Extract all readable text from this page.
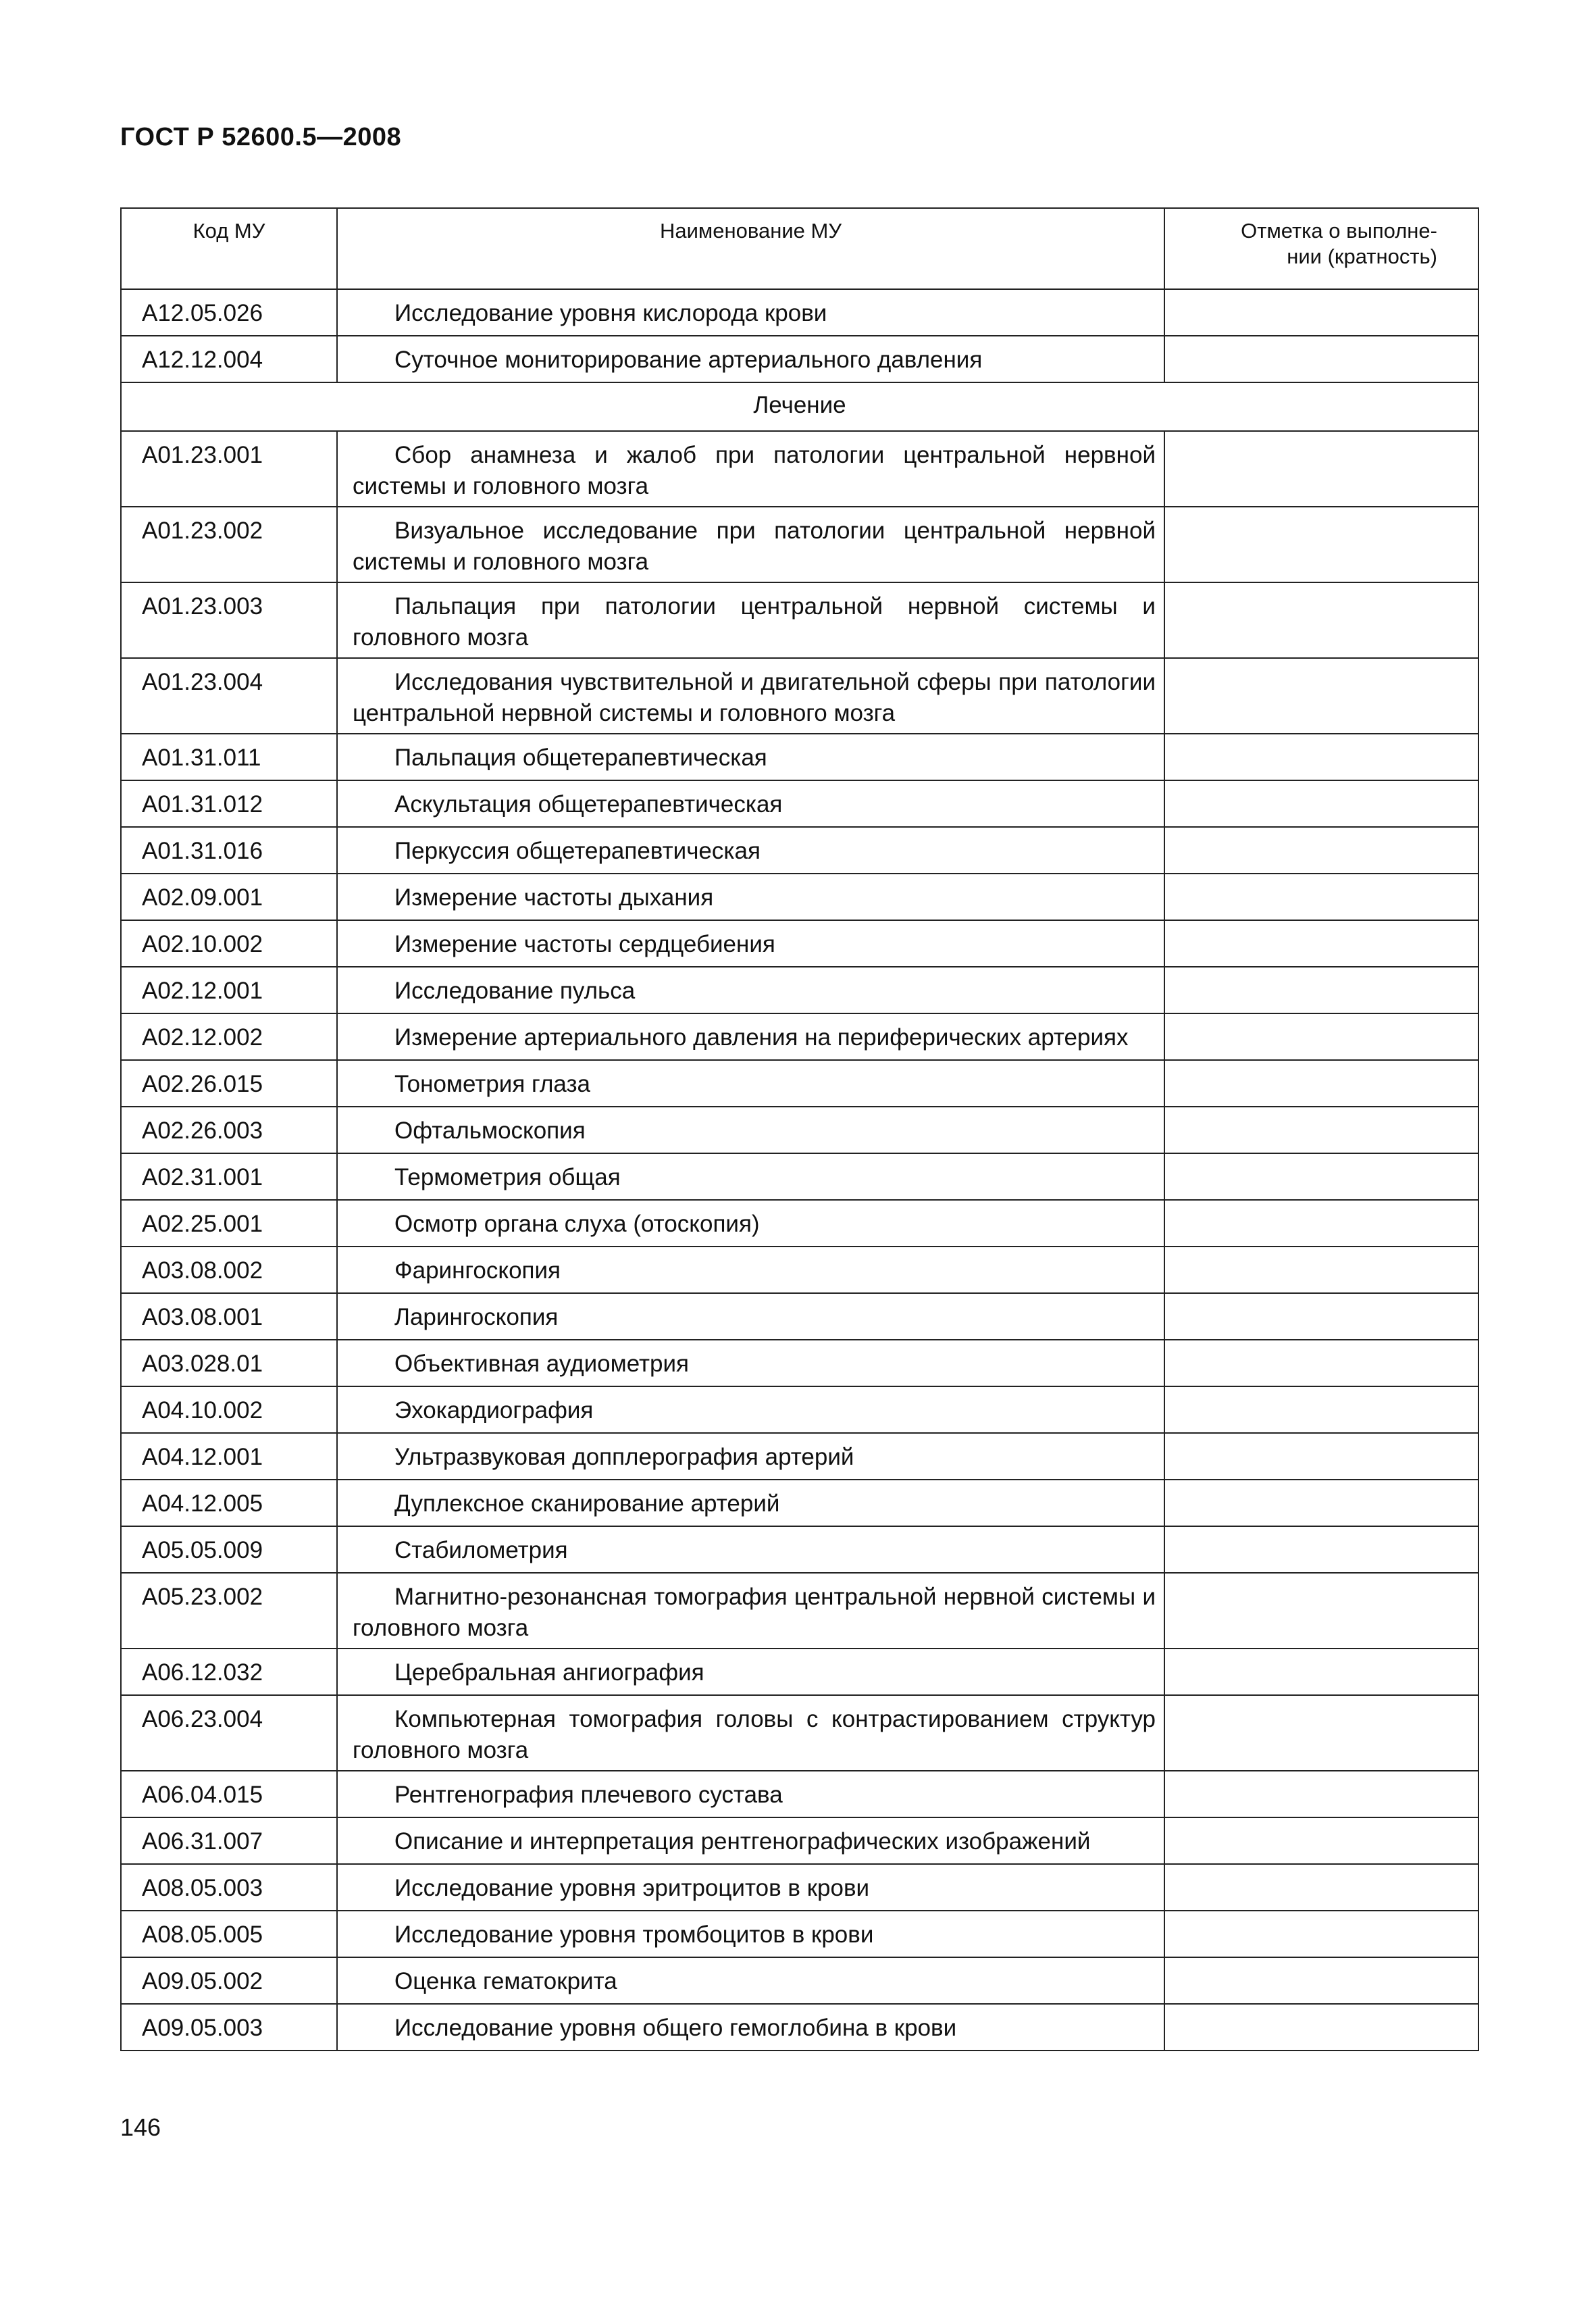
ГОСТ Р 52600.5—2008
Код МУ	Наименование МУ	Отметка о выполне-
нии (кратность)
A12.05.026	Исследование уровня кислорода крови	
A12.12.004	Суточное мониторирование артериального давления	
Лечение		
A01.23.001	Сбор анамнеза и жалоб при патологии центральной нервной системы и головного мозга	
A01.23.002	Визуальное исследование при патологии центральной нервной системы и головного мозга	
A01.23.003	Пальпация при патологии центральной нервной системы и головного мозга	
A01.23.004	Исследования чувствительной и двигательной сферы при патологии центральной нервной системы и головного мозга	
A01.31.011	Пальпация общетерапевтическая	
A01.31.012	Аскультация общетерапевтическая	
A01.31.016	Перкуссия общетерапевтическая	
A02.09.001	Измерение частоты дыхания	
A02.10.002	Измерение частоты сердцебиения	
A02.12.001	Исследование пульса	
A02.12.002	Измерение артериального давления на периферических артериях	
A02.26.015	Тонометрия глаза	
A02.26.003	Офтальмоскопия	
A02.31.001	Термометрия общая	
A02.25.001	Осмотр органа слуха (отоскопия)	
A03.08.002	Фарингоскопия	
A03.08.001	Ларингоскопия	
A03.028.01	Объективная аудиометрия	
A04.10.002	Эхокардиография	
A04.12.001	Ультразвуковая допплерография артерий	
A04.12.005	Дуплексное сканирование артерий	
A05.05.009	Стабилометрия	
A05.23.002	Магнитно-резонансная томография центральной нервной системы и головного мозга	
A06.12.032	Церебральная ангиография	
A06.23.004	Компьютерная томография головы с контрастированием структур головного мозга	
A06.04.015	Рентгенография плечевого сустава	
A06.31.007	Описание и интерпретация рентгенографических изображений	
A08.05.003	Исследование уровня эритроцитов в крови	
A08.05.005	Исследование уровня тромбоцитов в крови	
A09.05.002	Оценка гематокрита	
A09.05.003	Исследование уровня общего гемоглобина в крови	
146
